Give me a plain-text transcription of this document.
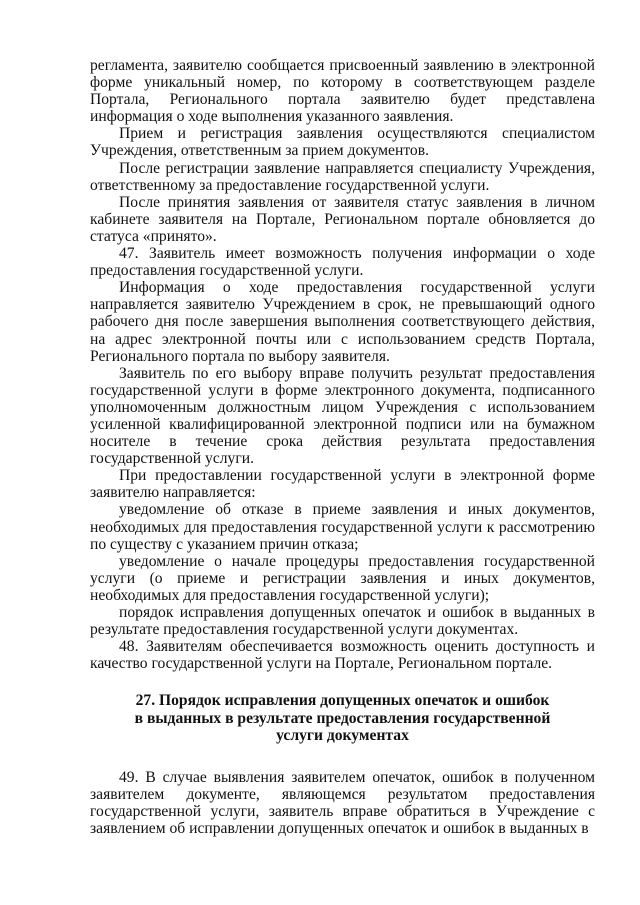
регламента, заявителю сообщается присвоенный заявлению в электронной форме уникальный номер, по которому в соответствующем разделе Портала, Регионального портала заявителю будет представлена информация о ходе выполнения указанного заявления.

Прием и регистрация заявления осуществляются специалистом Учреждения, ответственным за прием документов.

После регистрации заявление направляется специалисту Учреждения, ответственному за предоставление государственной услуги.

После принятия заявления от заявителя статус заявления в личном кабинете заявителя на Портале, Региональном портале обновляется до статуса «принято».

47. Заявитель имеет возможность получения информации о ходе предоставления государственной услуги.

Информация о ходе предоставления государственной услуги направляется заявителю Учреждением в срок, не превышающий одного рабочего дня после завершения выполнения соответствующего действия, на адрес электронной почты или с использованием средств Портала, Регионального портала по выбору заявителя.

Заявитель по его выбору вправе получить результат предоставления государственной услуги в форме электронного документа, подписанного уполномоченным должностным лицом Учреждения с использованием усиленной квалифицированной электронной подписи или на бумажном носителе в течение срока действия результата предоставления государственной услуги.

При предоставлении государственной услуги в электронной форме заявителю направляется:

уведомление об отказе в приеме заявления и иных документов, необходимых для предоставления государственной услуги к рассмотрению по существу с указанием причин отказа;

уведомление о начале процедуры предоставления государственной услуги (о приеме и регистрации заявления и иных документов, необходимых для предоставления государственной услуги);

порядок исправления допущенных опечаток и ошибок в выданных в результате предоставления государственной услуги документах.

48. Заявителям обеспечивается возможность оценить доступность и качество государственной услуги на Портале, Региональном портале.

27. Порядок исправления допущенных опечаток и ошибок
в выданных в результате предоставления государственной
услуги документах

49. В случае выявления заявителем опечаток, ошибок в полученном заявителем документе, являющемся результатом предоставления государственной услуги, заявитель вправе обратиться в Учреждение с заявлением об исправлении допущенных опечаток и ошибок в выданных в
